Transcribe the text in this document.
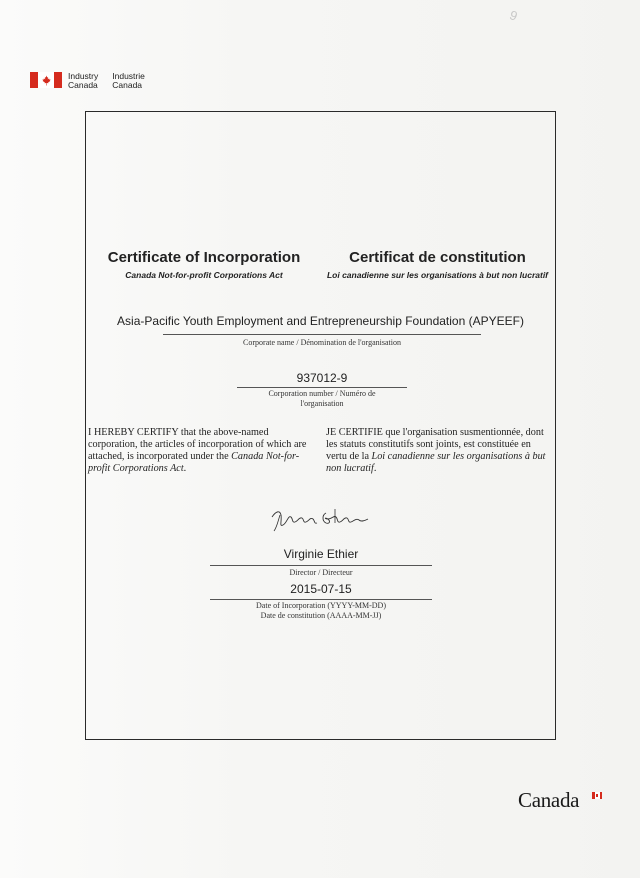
9
Industry
Canada
Industrie
Canada
Certificate of Incorporation
Canada Not-for-profit Corporations Act
Certificat de constitution
Loi canadienne sur les organisations à but non lucratif
Asia-Pacific Youth Employment and Entrepreneurship Foundation (APYEEF)
Corporate name / Dénomination de l'organisation
937012-9
Corporation number / Numéro de
l'organisation
I HEREBY CERTIFY that the above-named corporation, the articles of incorporation of which are attached, is incorporated under the Canada Not-for-profit Corporations Act.
JE CERTIFIE que l'organisation susmentionnée, dont les statuts constitutifs sont joints, est constituée en vertu de la Loi canadienne sur les organisations à but non lucratif.
Virginie Ethier
Director / Directeur
2015-07-15
Date of Incorporation (YYYY-MM-DD)
Date de constitution (AAAA-MM-JJ)
Canada
